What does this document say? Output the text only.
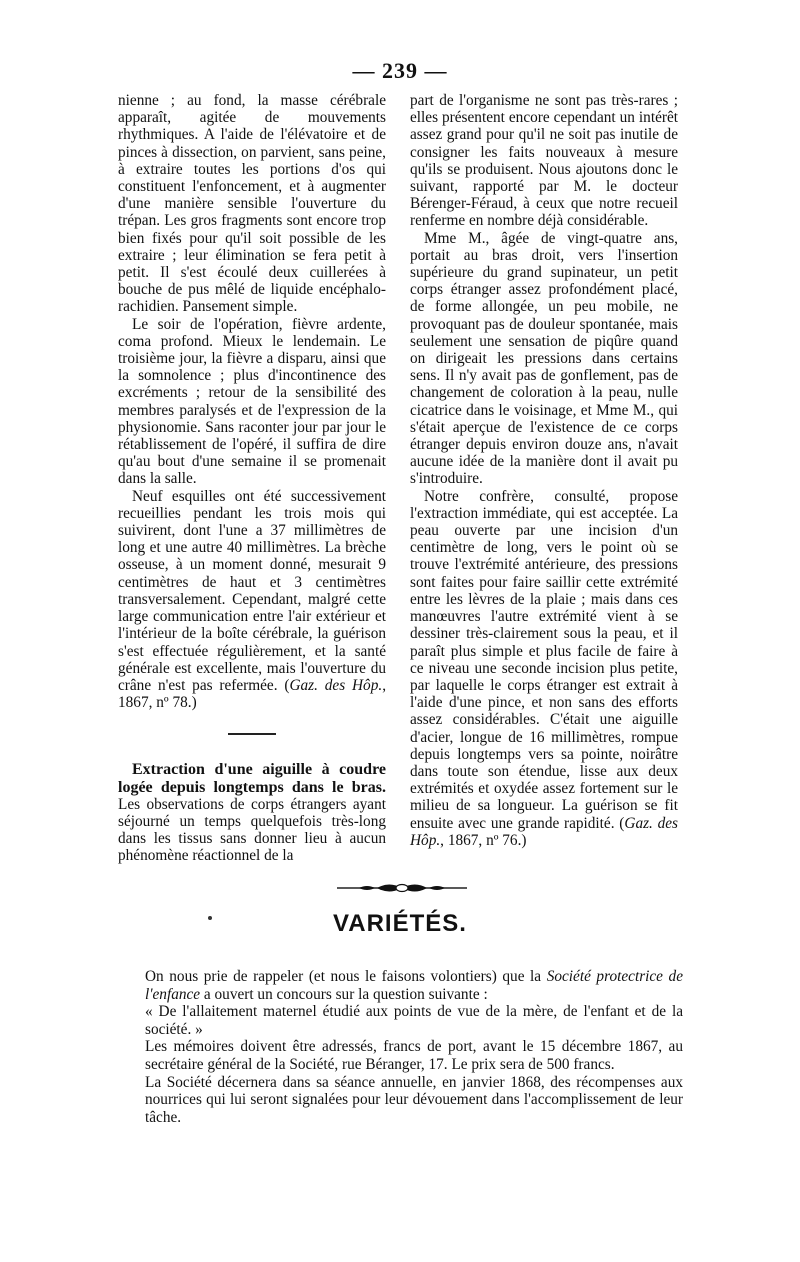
— 239 —

nienne ; au fond, la masse cérébrale apparaît, agitée de mouvements rhythmiques. A l'aide de l'élévatoire et de pinces à dissection, on parvient, sans peine, à extraire toutes les portions d'os qui constituent l'enfoncement, et à augmenter d'une manière sensible l'ouverture du trépan. Les gros fragments sont encore trop bien fixés pour qu'il soit possible de les extraire ; leur élimination se fera petit à petit. Il s'est écoulé deux cuillerées à bouche de pus mêlé de liquide encéphalo-rachidien. Pansement simple.

Le soir de l'opération, fièvre ardente, coma profond. Mieux le lendemain. Le troisième jour, la fièvre a disparu, ainsi que la somnolence ; plus d'incontinence des excréments ; retour de la sensibilité des membres paralysés et de l'expression de la physionomie. Sans raconter jour par jour le rétablissement de l'opéré, il suffira de dire qu'au bout d'une semaine il se promenait dans la salle.

Neuf esquilles ont été successivement recueillies pendant les trois mois qui suivirent, dont l'une a 37 millimètres de long et une autre 40 millimètres. La brèche osseuse, à un moment donné, mesurait 9 centimètres de haut et 3 centimètres transversalement. Cependant, malgré cette large communication entre l'air extérieur et l'intérieur de la boîte cérébrale, la guérison s'est effectuée régulièrement, et la santé générale est excellente, mais l'ouverture du crâne n'est pas refermée. (Gaz. des Hôp., 1867, nº 78.)

Extraction d'une aiguille à coudre logée depuis longtemps dans le bras. Les observations de corps étrangers ayant séjourné un temps quelquefois très-long dans les tissus sans donner lieu à aucun phénomène réactionnel de la

part de l'organisme ne sont pas très-rares ; elles présentent encore cependant un intérêt assez grand pour qu'il ne soit pas inutile de consigner les faits nouveaux à mesure qu'ils se produisent. Nous ajoutons donc le suivant, rapporté par M. le docteur Bérenger-Féraud, à ceux que notre recueil renferme en nombre déjà considérable.

Mme M., âgée de vingt-quatre ans, portait au bras droit, vers l'insertion supérieure du grand supinateur, un petit corps étranger assez profondément placé, de forme allongée, un peu mobile, ne provoquant pas de douleur spontanée, mais seulement une sensation de piqûre quand on dirigeait les pressions dans certains sens. Il n'y avait pas de gonflement, pas de changement de coloration à la peau, nulle cicatrice dans le voisinage, et Mme M., qui s'était aperçue de l'existence de ce corps étranger depuis environ douze ans, n'avait aucune idée de la manière dont il avait pu s'introduire.

Notre confrère, consulté, propose l'extraction immédiate, qui est acceptée. La peau ouverte par une incision d'un centimètre de long, vers le point où se trouve l'extrémité antérieure, des pressions sont faites pour faire saillir cette extrémité entre les lèvres de la plaie ; mais dans ces manœuvres l'autre extrémité vient à se dessiner très-clairement sous la peau, et il paraît plus simple et plus facile de faire à ce niveau une seconde incision plus petite, par laquelle le corps étranger est extrait à l'aide d'une pince, et non sans des efforts assez considérables. C'était une aiguille d'acier, longue de 16 millimètres, rompue depuis longtemps vers sa pointe, noirâtre dans toute son étendue, lisse aux deux extrémités et oxydée assez fortement sur le milieu de sa longueur. La guérison se fit ensuite avec une grande rapidité. (Gaz. des Hôp., 1867, nº 76.)

VARIÉTÉS.

On nous prie de rappeler (et nous le faisons volontiers) que la Société protectrice de l'enfance a ouvert un concours sur la question suivante :

« De l'allaitement maternel étudié aux points de vue de la mère, de l'enfant et de la société. »

Les mémoires doivent être adressés, francs de port, avant le 15 décembre 1867, au secrétaire général de la Société, rue Béranger, 17. Le prix sera de 500 francs.

La Société décernera dans sa séance annuelle, en janvier 1868, des récompenses aux nourrices qui lui seront signalées pour leur dévouement dans l'accomplissement de leur tâche.
